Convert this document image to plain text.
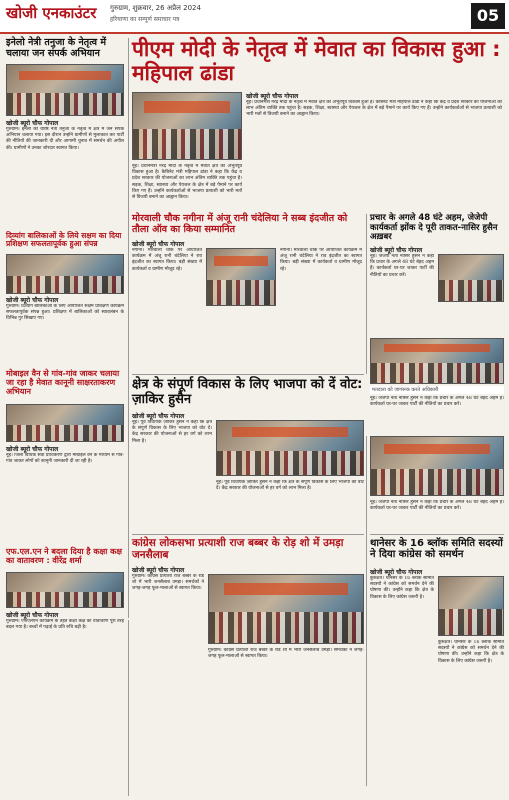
खोजी एनकाउंटर गुरुग्राम, शुक्रवार, 26 अप्रैल 2024
हरियाणा का सम्पूर्ण समाचार पत्र	05
इनेलो नेत्री तनुजा के नेतृत्व में चलाया जन संपर्क अभियान
खोजी ब्यूरो चौफ गोपाल
गुरुग्राम। इनेलो की वरिष्ठ नेत्री तनुजा के नेतृत्व में क्षेत्र में जन संपर्क अभियान चलाया गया। इस दौरान उन्होंने ग्रामीणों से मुलाकात कर पार्टी की नीतियों की जानकारी दी और आगामी चुनाव में समर्थन की अपील की। ग्रामीणों ने उनका जोरदार स्वागत किया।
पीएम मोदी के नेतृत्व में मेवात का विकास हुआ : महिपाल ढांडा
खोजी ब्यूरो चौफ गोपाल
नूंह। प्रधानमंत्री नरेंद्र मोदी के नेतृत्व में मेवात क्षेत्र का अभूतपूर्व विकास हुआ है। कैबिनेट मंत्री महिपाल ढांडा ने कहा कि केंद्र व प्रदेश सरकार की योजनाओं का लाभ अंतिम व्यक्ति तक पहुंचा है। सड़क, शिक्षा, स्वास्थ्य और पेयजल के क्षेत्र में बड़े पैमाने पर कार्य किए गए हैं। उन्होंने कार्यकर्ताओं से भाजपा प्रत्याशी को भारी मतों से विजयी बनाने का आह्वान किया।
नूंह। प्रधानमंत्री नरेंद्र मोदी के नेतृत्व में मेवात क्षेत्र का अभूतपूर्व विकास हुआ है। कैबिनेट मंत्री महिपाल ढांडा ने कहा कि केंद्र व प्रदेश सरकार की योजनाओं का लाभ अंतिम व्यक्ति तक पहुंचा है। सड़क, शिक्षा, स्वास्थ्य और पेयजल के क्षेत्र में बड़े पैमाने पर कार्य किए गए हैं। उन्होंने कार्यकर्ताओं से भाजपा प्रत्याशी को भारी मतों से विजयी बनाने का आह्वान किया।
दिव्यांग बालिकाओं के लिये सक्षम का दिया प्रशिक्षण सफलतापूर्वक हुआ संपन्न
खोजी ब्यूरो चौफ गोपाल
गुरुग्राम। दिव्यांग बालिकाओं के लिए आयोजित सक्षम प्रशिक्षण कार्यक्रम सफलतापूर्वक संपन्न हुआ। प्रशिक्षण में बालिकाओं को स्वावलंबन के विभिन्न गुर सिखाए गए।
मोरवाली चौक नगीना में अंजू रानी चंदेलिया ने सब्ब इंदजीत को तौला ऑव का किया सम्मानित
खोजी ब्यूरो चौफ गोपाल
नगीना। मोरवाली चौक पर आयोजित कार्यक्रम में अंजू रानी चंदेलिया ने राव इंद्रजीत का स्वागत किया। बड़ी संख्या में कार्यकर्ता व ग्रामीण मौजूद रहे।
नगीना। मोरवाली चौक पर आयोजित कार्यक्रम में अंजू रानी चंदेलिया ने राव इंद्रजीत का स्वागत किया। बड़ी संख्या में कार्यकर्ता व ग्रामीण मौजूद रहे।
प्रचार के अगले 48 घंटे अहम, जेजेपी कार्यकर्ता झोंक दे पूरी ताकत-नासिर हुसैन अख़बर
खोजी ब्यूरो चौफ गोपाल
नूंह। जेजेपी नेता नासिर हुसैन ने कहा कि प्रचार के अगले 48 घंटे बेहद अहम हैं। कार्यकर्ता घर-घर जाकर पार्टी की नीतियों का प्रचार करें।
मतदाता को जागरूक करते अधिकारी
नूंह। जेजेपी नेता नासिर हुसैन ने कहा कि प्रचार के अगले 48 घंटे बेहद अहम हैं। कार्यकर्ता घर-घर जाकर पार्टी की नीतियों का प्रचार करें।
मोबाइल वैन से गांव-गांव जाकर चलाया जा रहा है मेवात कानूनी साक्षरताकरण अभियान
खोजी ब्यूरो चौफ गोपाल
नूंह। जिला विधिक सेवा प्राधिकरण द्वारा मोबाइल वैन के माध्यम से गांव-गांव जाकर लोगों को कानूनी जानकारी दी जा रही है।
क्षेत्र के संपूर्ण विकास के लिए भाजपा को दें वोट: ज़ाकिर हुसैन
खोजी ब्यूरो चौफ गोपाल
नूंह। पूर्व विधायक ज़ाकिर हुसैन ने कहा कि क्षेत्र के संपूर्ण विकास के लिए भाजपा को वोट दें। केंद्र सरकार की योजनाओं से हर वर्ग को लाभ मिला है।
नूंह। पूर्व विधायक ज़ाकिर हुसैन ने कहा कि क्षेत्र के संपूर्ण विकास के लिए भाजपा को वोट दें। केंद्र सरकार की योजनाओं से हर वर्ग को लाभ मिला है।
नूंह। जेजेपी नेता नासिर हुसैन ने कहा कि प्रचार के अगले 48 घंटे बेहद अहम हैं। कार्यकर्ता घर-घर जाकर पार्टी की नीतियों का प्रचार करें।
एफ.एल.एन ने बदला दिया है कक्षा कक्ष का वातावरण : वीरेंद्र शर्मा
खोजी ब्यूरो चौफ गोपाल
गुरुग्राम। एफएलएन कार्यक्रम के तहत कक्षा कक्ष का वातावरण पूरी तरह बदल गया है। बच्चों में पढ़ाई के प्रति रुचि बढ़ी है।
कांग्रेस लोकसभा प्रत्याशी राज बब्बर के रोड़ शो में उमड़ा जनसैलाब
खोजी ब्यूरो चौफ गोपाल
गुरुग्राम। कांग्रेस प्रत्याशी राज बब्बर के रोड शो में भारी जनसैलाब उमड़ा। समर्थकों ने जगह-जगह फूल-मालाओं से स्वागत किया।
गुरुग्राम। कांग्रेस प्रत्याशी राज बब्बर के रोड शो में भारी जनसैलाब उमड़ा। समर्थकों ने जगह-जगह फूल-मालाओं से स्वागत किया।
थानेसर के 16 ब्लॉक समिति सदस्यों ने दिया कांग्रेस को समर्थन
खोजी ब्यूरो चौफ गोपाल
कुरुक्षेत्र। थानेसर के 16 ब्लॉक समिति सदस्यों ने कांग्रेस को समर्थन देने की घोषणा की। उन्होंने कहा कि क्षेत्र के विकास के लिए कांग्रेस जरूरी है।
कुरुक्षेत्र। थानेसर के 16 ब्लॉक समिति सदस्यों ने कांग्रेस को समर्थन देने की घोषणा की। उन्होंने कहा कि क्षेत्र के विकास के लिए कांग्रेस जरूरी है।
